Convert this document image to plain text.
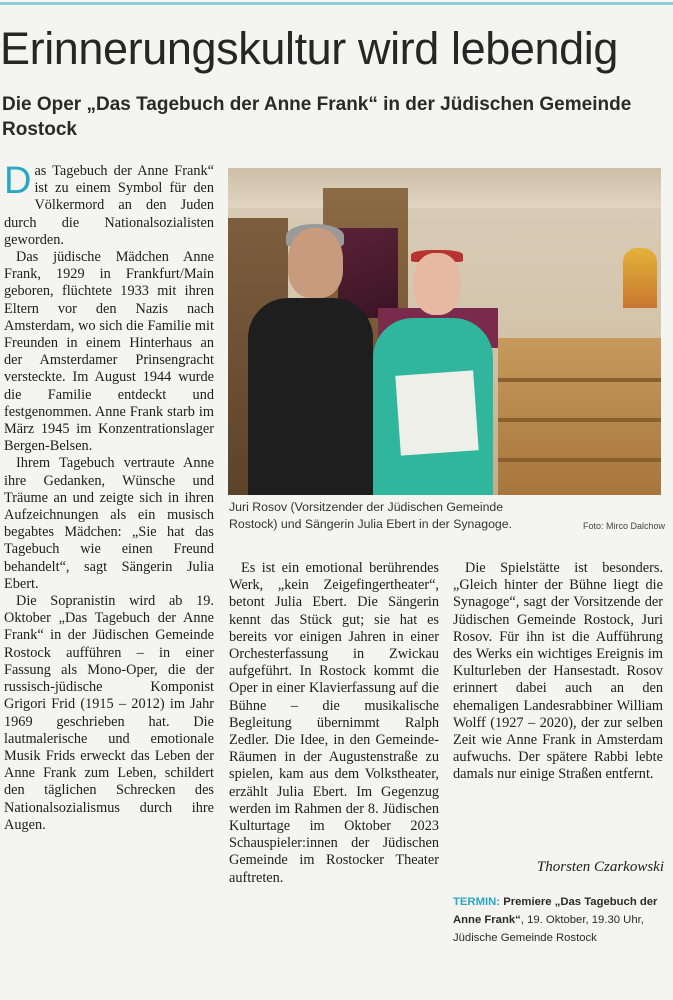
Erinnerungskultur wird lebendig
Die Oper „Das Tagebuch der Anne Frank“ in der Jüdischen Gemeinde Rostock

Das Tagebuch der Anne Frank“ ist zu einem Symbol für den Völkermord an den Juden durch die Nationalsozialisten geworden.

Das jüdische Mädchen Anne Frank, 1929 in Frankfurt/Main geboren, flüchtete 1933 mit ihren Eltern vor den Nazis nach Amsterdam, wo sich die Familie mit Freunden in einem Hinterhaus an der Amsterdamer Prinsengracht versteckte. Im August 1944 wurde die Familie entdeckt und festgenommen. Anne Frank starb im März 1945 im Konzentrationslager Bergen-Belsen.

Ihrem Tagebuch vertraute Anne ihre Gedanken, Wünsche und Träume an und zeigte sich in ihren Aufzeichnungen als ein musisch begabtes Mädchen: „Sie hat das Tagebuch wie einen Freund behandelt“, sagt Sängerin Julia Ebert.

Die Sopranistin wird ab 19. Oktober „Das Tagebuch der Anne Frank“ in der Jüdischen Gemeinde Rostock aufführen – in einer Fassung als Mono-Oper, die der russisch-jüdische Komponist Grigori Frid (1915 – 2012) im Jahr 1969 geschrieben hat. Die lautmalerische und emotionale Musik Frids erweckt das Leben der Anne Frank zum Leben, schildert den täglichen Schrecken des Nationalsozialismus durch ihre Augen.

Juri Rosov (Vorsitzender der Jüdischen Gemeinde Rostock) und Sängerin Julia Ebert in der Synagoge.	Foto: Mirco Dalchow

Es ist ein emotional berührendes Werk, „kein Zeigefingertheater“, betont Julia Ebert. Die Sängerin kennt das Stück gut; sie hat es bereits vor einigen Jahren in einer Orchesterfassung in Zwickau aufgeführt. In Rostock kommt die Oper in einer Klavierfassung auf die Bühne – die musikalische Begleitung übernimmt Ralph Zedler. Die Idee, in den Gemeinde-Räumen in der Augustenstraße zu spielen, kam aus dem Volkstheater, erzählt Julia Ebert. Im Gegenzug werden im Rahmen der 8. Jüdischen Kulturtage im Oktober 2023 Schauspieler:innen der Jüdischen Gemeinde im Rostocker Theater auftreten.

Die Spielstätte ist besonders. „Gleich hinter der Bühne liegt die Synagoge“, sagt der Vorsitzende der Jüdischen Gemeinde Rostock, Juri Rosov. Für ihn ist die Aufführung des Werks ein wichtiges Ereignis im Kulturleben der Hansestadt. Rosov erinnert dabei auch an den ehemaligen Landesrabbiner William Wolff (1927 – 2020), der zur selben Zeit wie Anne Frank in Amsterdam aufwuchs. Der spätere Rabbi lebte damals nur einige Straßen entfernt.

Thorsten Czarkowski
TERMIN: Premiere „Das Tagebuch der Anne Frank“, 19. Oktober, 19.30 Uhr, Jüdische Gemeinde Rostock
